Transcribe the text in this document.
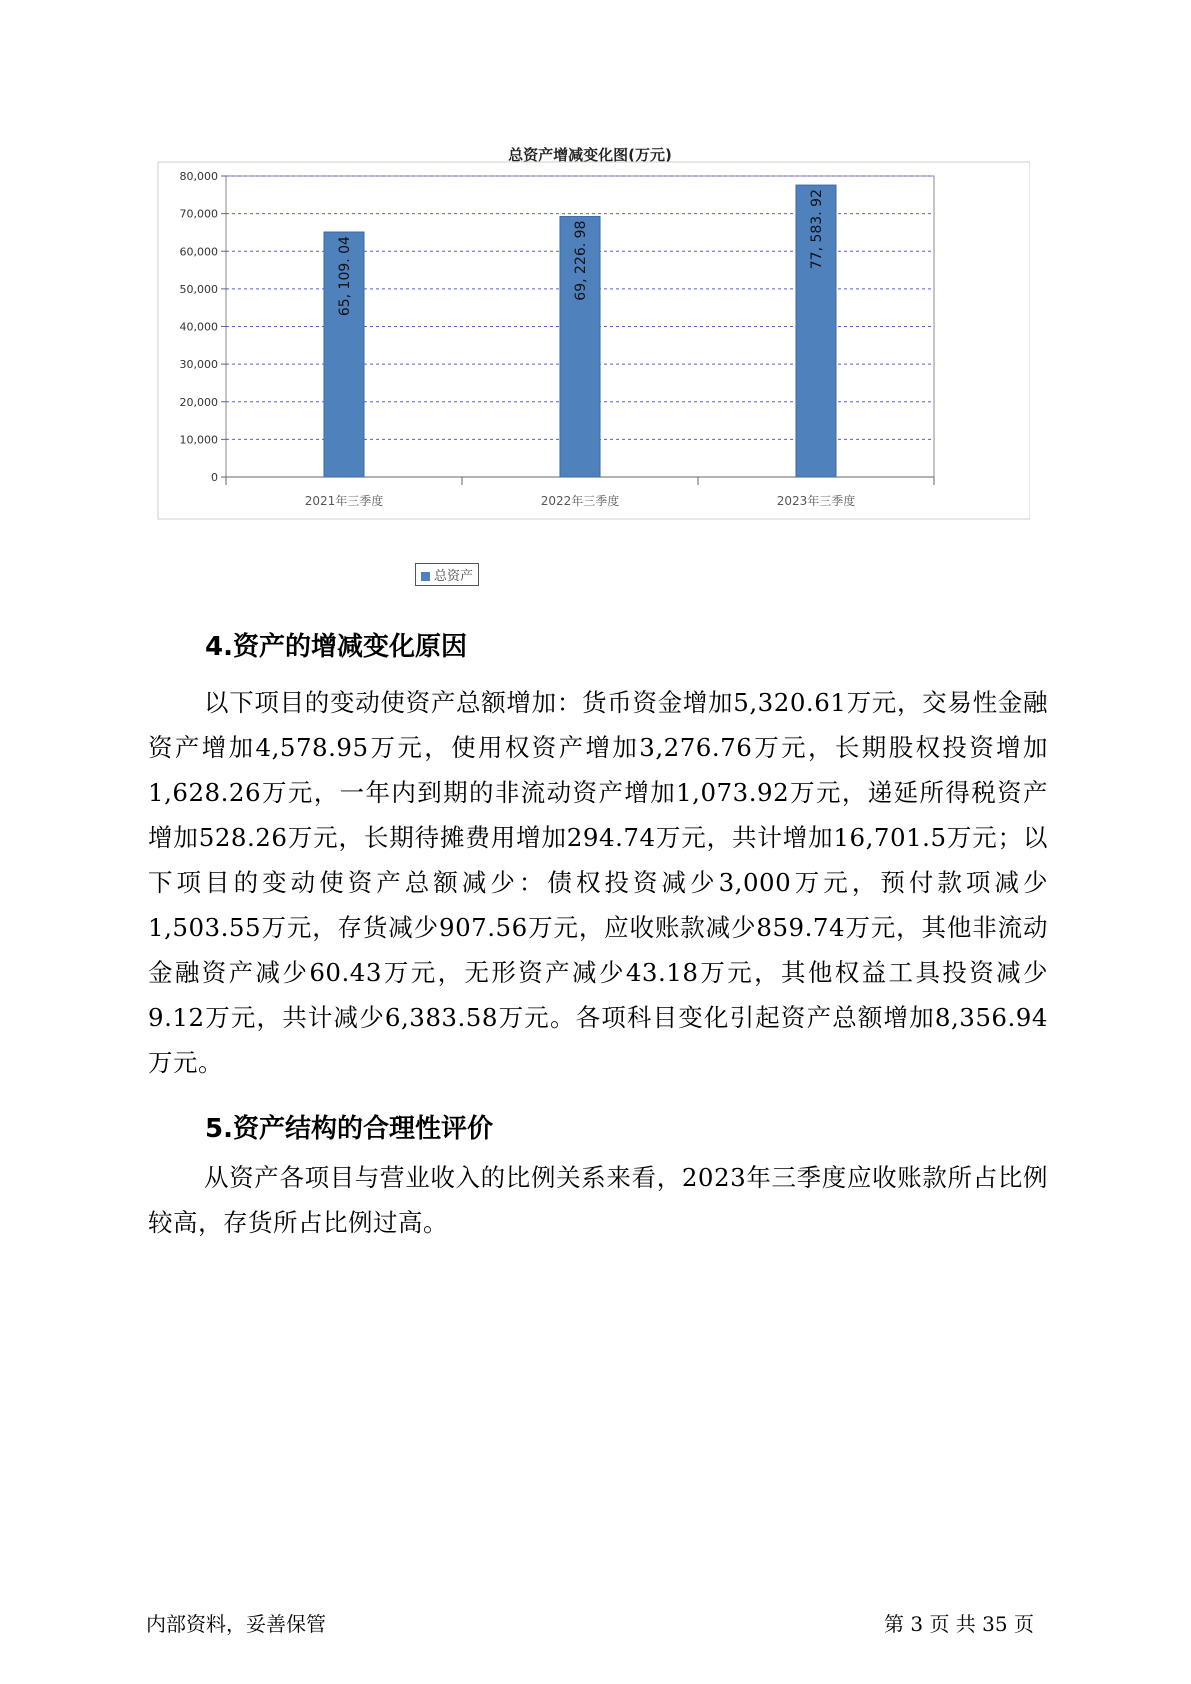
总资产增减变化图(万元)
0
10,000
20,000
30,000
40,000
50,000
60,000
70,000
80,000
65, 109. 04
2021年三季度
69, 226. 98
2022年三季度
77, 583. 92
2023年三季度
总资产
4.资产的增减变化原因

以下项目的变动使资产总额增加：货币资金增加5,320.61万元，交易性金融资产增加4,578.95万元，使用权资产增加3,276.76万元，长期股权投资增加1,628.26万元，一年内到期的非流动资产增加1,073.92万元，递延所得税资产增加528.26万元，长期待摊费用增加294.74万元，共计增加16,701.5万元；以下项目的变动使资产总额减少：债权投资减少3,000万元，预付款项减少1,503.55万元，存货减少907.56万元，应收账款减少859.74万元，其他非流动金融资产减少60.43万元，无形资产减少43.18万元，其他权益工具投资减少9.12万元，共计减少6,383.58万元。各项科目变化引起资产总额增加8,356.94万元。

5.资产结构的合理性评价

从资产各项目与营业收入的比例关系来看，2023年三季度应收账款所占比例较高，存货所占比例过高。

内部资料，妥善保管	第 3 页 共 35 页
